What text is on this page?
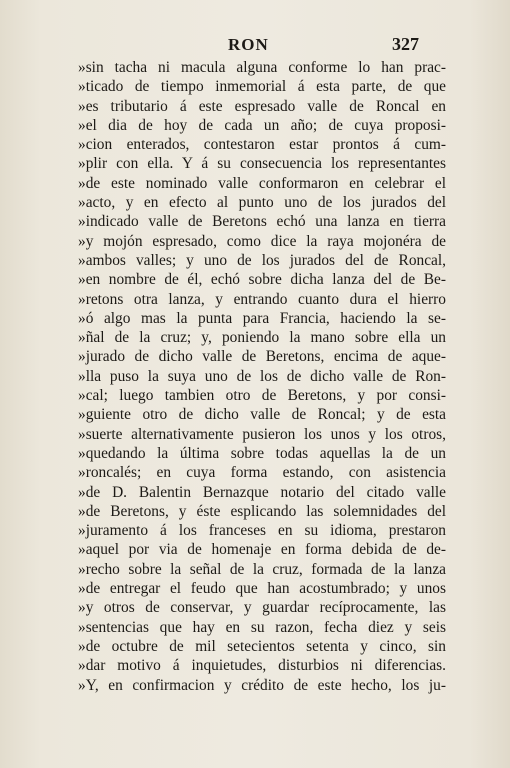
RON	327
»sin tacha ni macula alguna conforme lo han prac-
»ticado de tiempo inmemorial á esta parte, de que
»es tributario á este espresado valle de Roncal en
»el dia de hoy de cada un año; de cuya proposi-
»cion enterados, contestaron estar prontos á cum-
»plir con ella. Y á su consecuencia los representantes
»de este nominado valle conformaron en celebrar el
»acto, y en efecto al punto uno de los jurados del
»indicado valle de Beretons echó una lanza en tierra
»y mojón espresado, como dice la raya mojonéra de
»ambos valles; y uno de los jurados del de Roncal,
»en nombre de él, echó sobre dicha lanza del de Be-
»retons otra lanza, y entrando cuanto dura el hierro
»ó algo mas la punta para Francia, haciendo la se-
»ñal de la cruz; y, poniendo la mano sobre ella un
»jurado de dicho valle de Beretons, encima de aque-
»lla puso la suya uno de los de dicho valle de Ron-
»cal; luego tambien otro de Beretons, y por consi-
»guiente otro de dicho valle de Roncal; y de esta
»suerte alternativamente pusieron los unos y los otros,
»quedando la última sobre todas aquellas la de un
»roncalés; en cuya forma estando, con asistencia
»de D. Balentin Bernazque notario del citado valle
»de Beretons, y éste esplicando las solemnidades del
»juramento á los franceses en su idioma, prestaron
»aquel por via de homenaje en forma debida de de-
»recho sobre la señal de la cruz, formada de la lanza
»de entregar el feudo que han acostumbrado; y unos
»y otros de conservar, y guardar recíprocamente, las
»sentencias que hay en su razon, fecha diez y seis
»de octubre de mil setecientos setenta y cinco, sin
»dar motivo á inquietudes, disturbios ni diferencias.
»Y, en confirmacion y crédito de este hecho, los ju-
